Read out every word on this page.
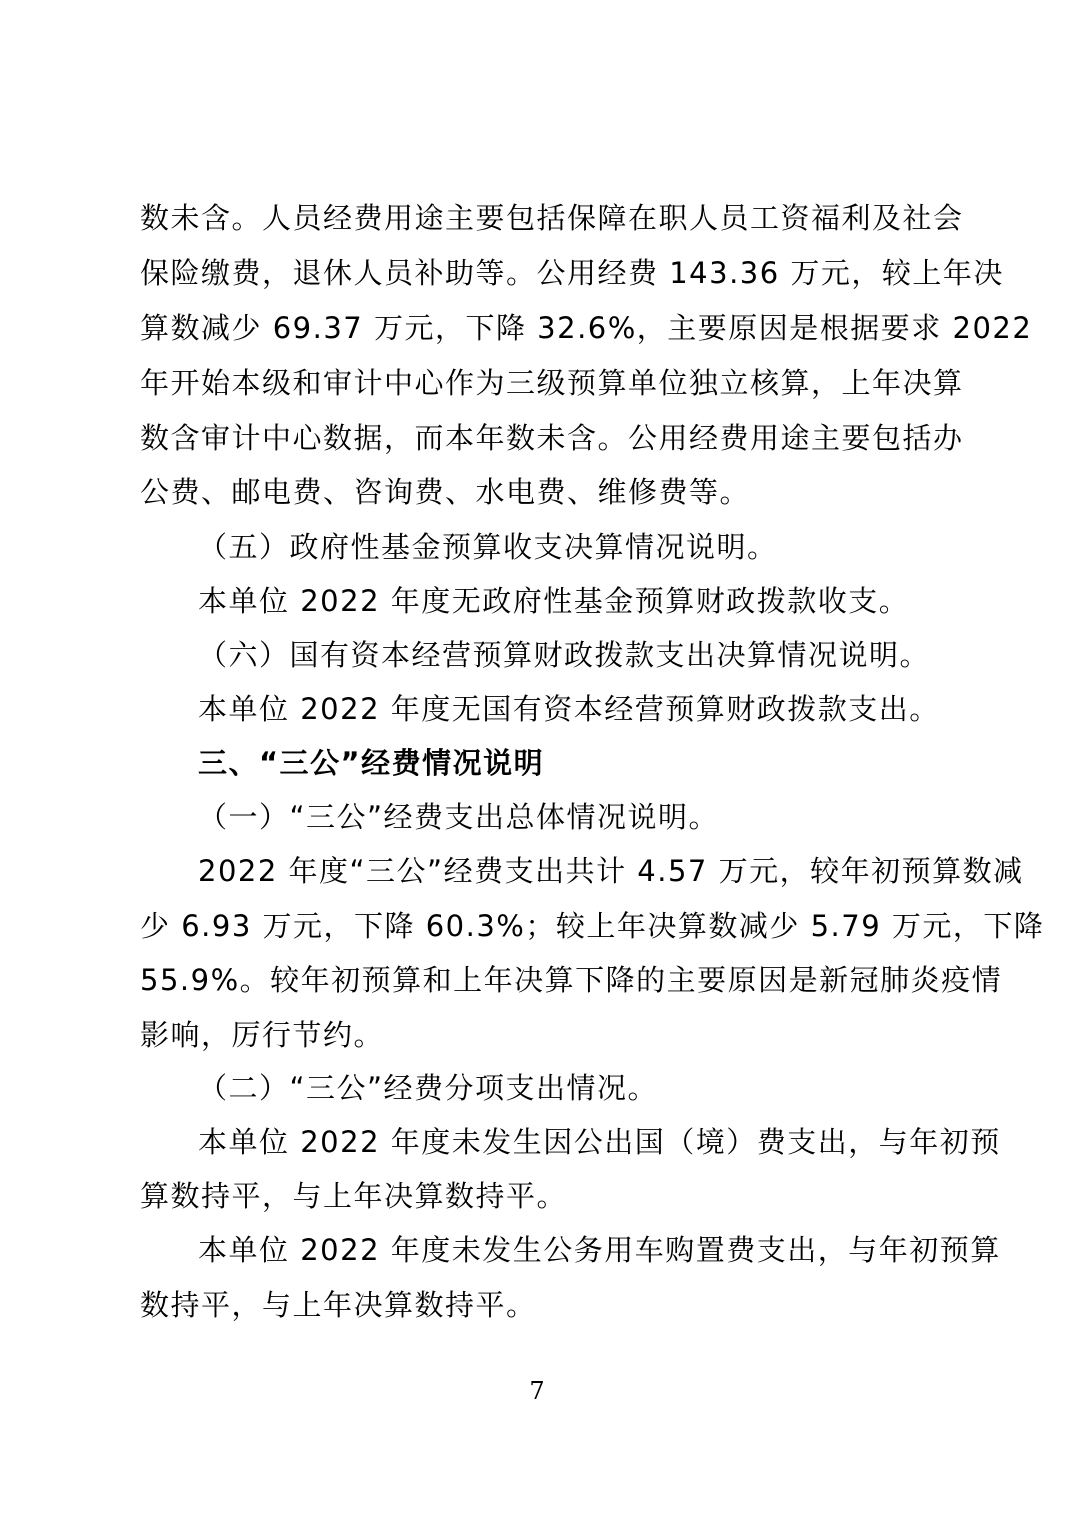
数未含。人员经费用途主要包括保障在职人员工资福利及社会
保险缴费，退休人员补助等。公用经费 143.36 万元，较上年决
算数减少 69.37 万元，下降 32.6%，主要原因是根据要求 2022
年开始本级和审计中心作为三级预算单位独立核算，上年决算
数含审计中心数据，而本年数未含。公用经费用途主要包括办
公费、邮电费、咨询费、水电费、维修费等。
（五）政府性基金预算收支决算情况说明。
本单位 2022 年度无政府性基金预算财政拨款收支。
（六）国有资本经营预算财政拨款支出决算情况说明。
本单位 2022 年度无国有资本经营预算财政拨款支出。
三、“三公”经费情况说明
（一）“三公”经费支出总体情况说明。
2022 年度“三公”经费支出共计 4.57 万元，较年初预算数减
少 6.93 万元，下降 60.3%；较上年决算数减少 5.79 万元，下降
55.9%。较年初预算和上年决算下降的主要原因是新冠肺炎疫情
影响，厉行节约。
（二）“三公”经费分项支出情况。
本单位 2022 年度未发生因公出国（境）费支出，与年初预
算数持平，与上年决算数持平。
本单位 2022 年度未发生公务用车购置费支出，与年初预算
数持平，与上年决算数持平。
7
